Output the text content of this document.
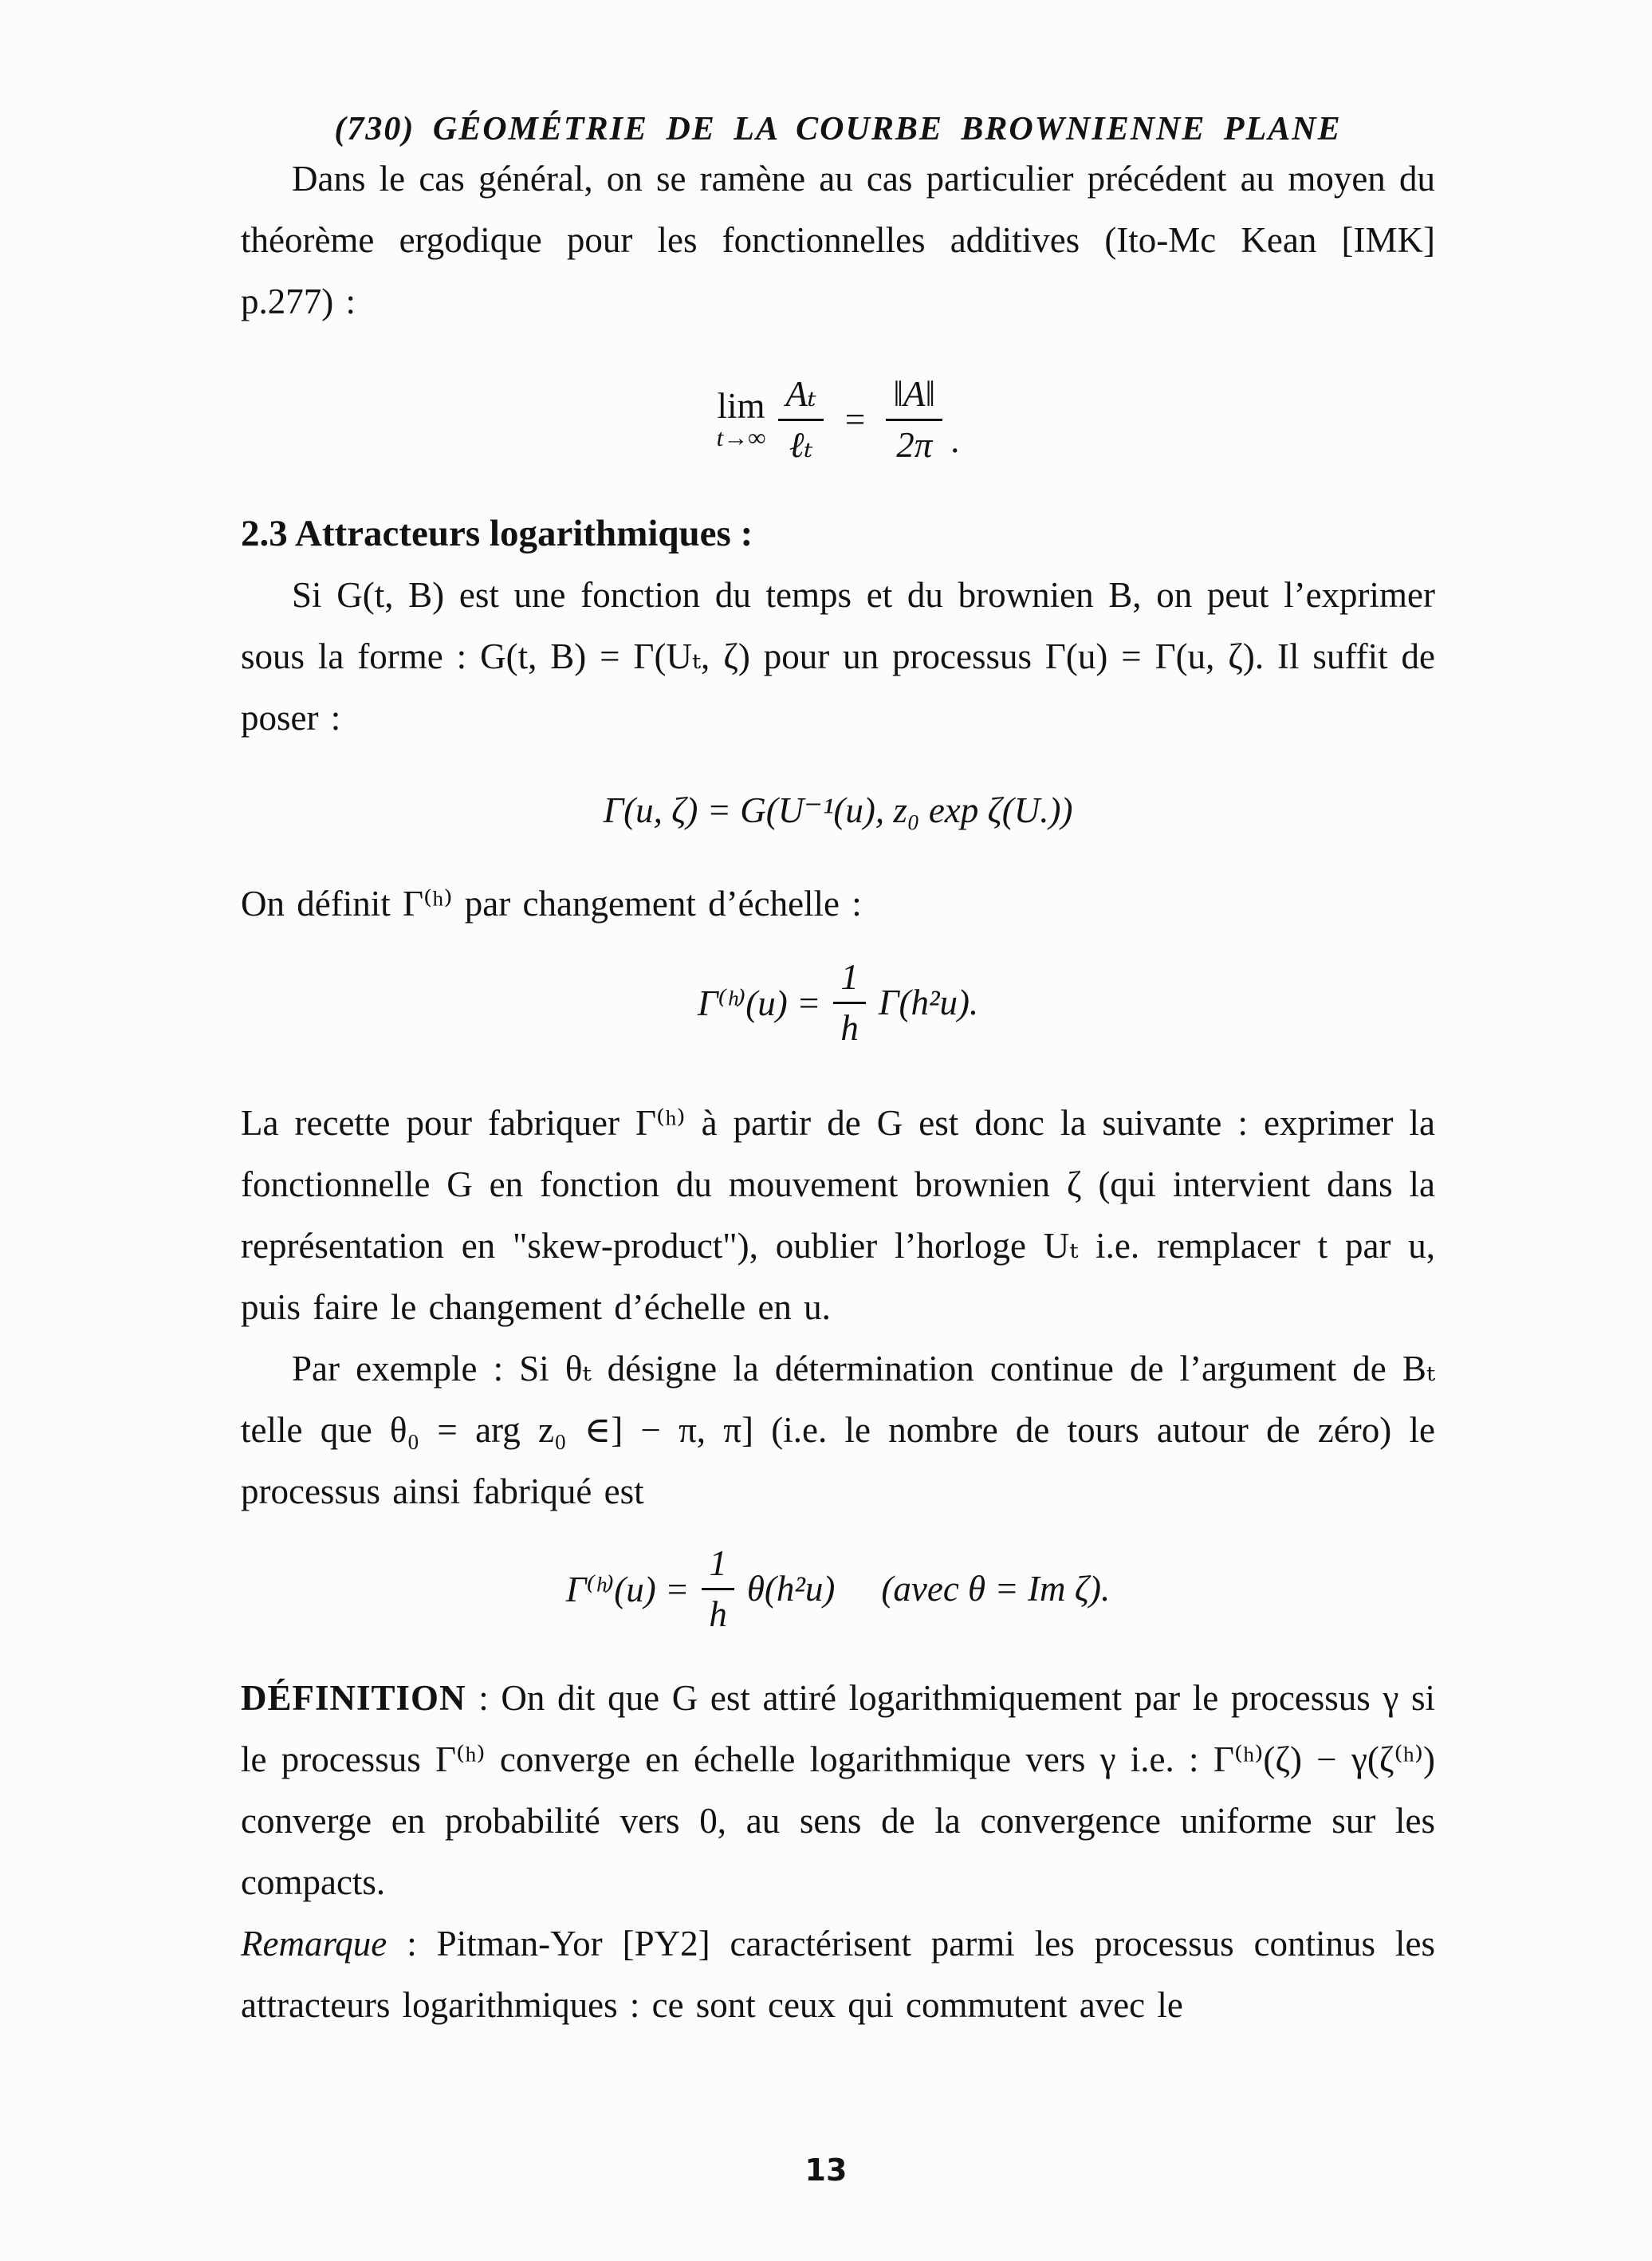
(730) GÉOMÉTRIE DE LA COURBE BROWNIENNE PLANE

Dans le cas général, on se ramène au cas particulier précédent au moyen du théorème ergodique pour les fonctionnelles additives (Ito-Mc Kean [IMK] p.277) :

lim
$t\to\infty \frac{\text{Aₜ}}{\text{ℓₜ}} = \frac{‖A‖}{2\pi}$ .
2.3 Attracteurs logarithmiques :

Si G(t, B) est une fonction du temps et du brownien B, on peut l’exprimer sous la forme : G(t, B) = Γ(Uₜ, ζ) pour un processus Γ(u) = Γ(u, ζ). Il suffit de poser :

Γ(u, ζ) = G(U⁻¹(u), z₀ exp ζ(U.))

On définit Γ⁽ʰ⁾ par changement d’échelle :

Γ⁽ʰ⁾(u) = $\frac{1}{h} \Gamma(h^2u)$.

La recette pour fabriquer Γ⁽ʰ⁾ à partir de G est donc la suivante : exprimer la fonctionnelle G en fonction du mouvement brownien ζ (qui intervient dans la représentation en "skew-product"), oublier l’horloge Uₜ i.e. remplacer t par u, puis faire le changement d’échelle en u.

Par exemple : Si θₜ désigne la détermination continue de l’argument de Bₜ telle que θ₀ = arg z₀ ∈] − π, π] (i.e. le nombre de tours autour de zéro) le processus ainsi fabriqué est

Γ⁽ʰ⁾(u) = $\frac{1}{h} \theta(h^2u)$ (avec θ = Im ζ).

DÉFINITION : On dit que G est attiré logarithmiquement par le processus γ si le processus Γ⁽ʰ⁾ converge en échelle logarithmique vers γ i.e. : Γ⁽ʰ⁾(ζ) − γ(ζ⁽ʰ⁾) converge en probabilité vers 0, au sens de la convergence uniforme sur les compacts.

Remarque : Pitman-Yor [PY2] caractérisent parmi les processus continus les attracteurs logarithmiques : ce sont ceux qui commutent avec le

13
